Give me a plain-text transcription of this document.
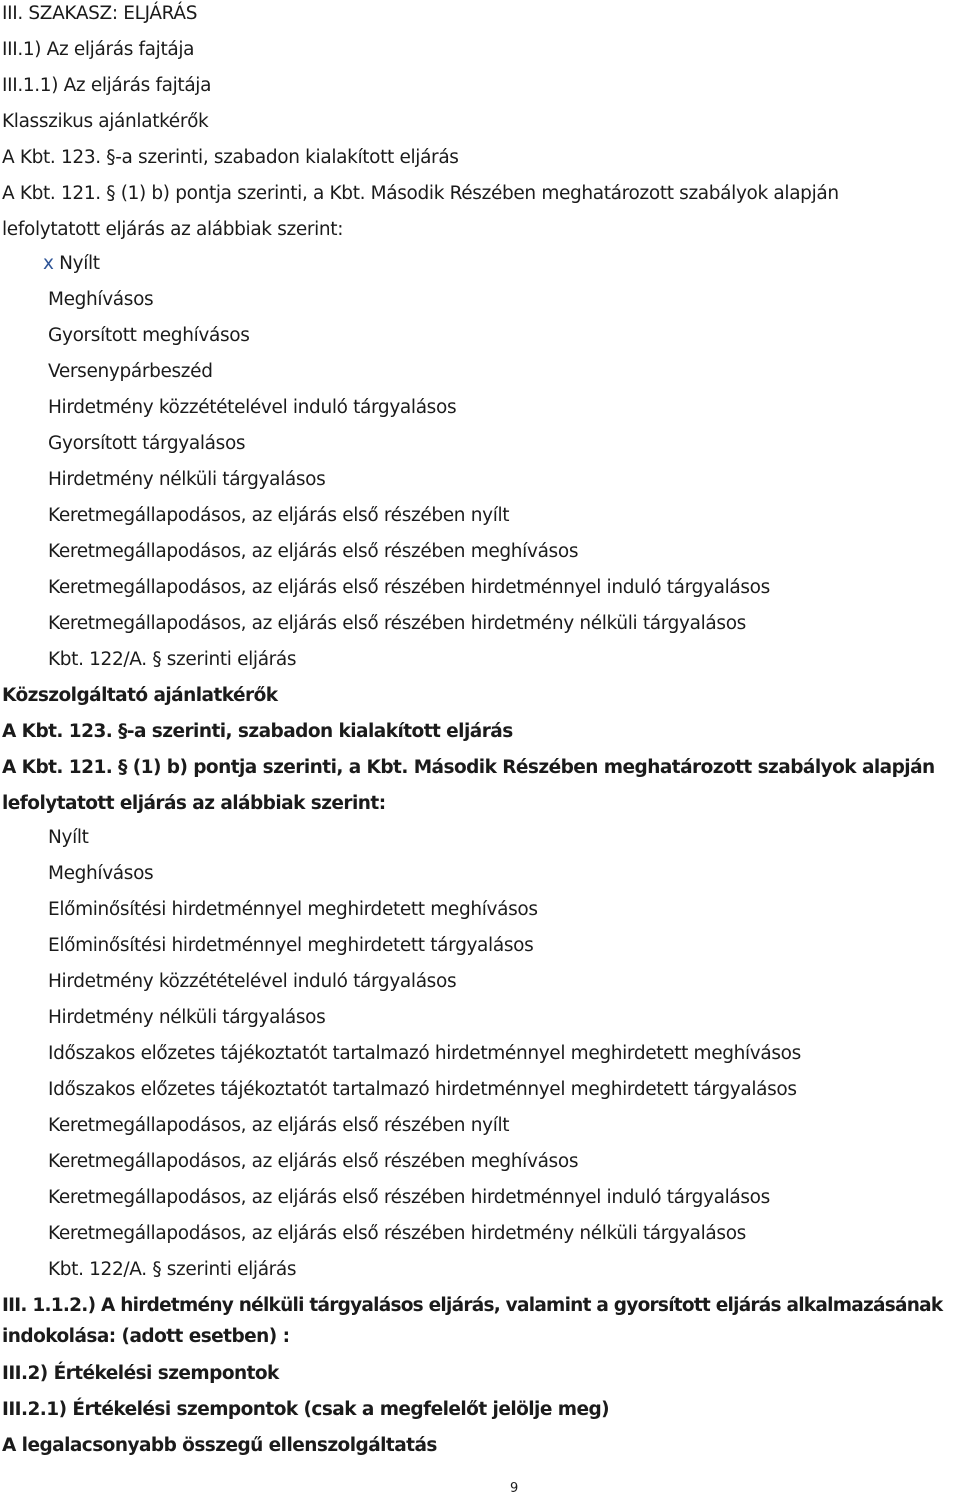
III. SZAKASZ: ELJÁRÁS
III.1) Az eljárás fajtája
III.1.1) Az eljárás fajtája
Klasszikus ajánlatkérők
A Kbt. 123. §-a szerinti, szabadon kialakított eljárás
A Kbt. 121. § (1) b) pontja szerinti, a Kbt. Második Részében meghatározott szabályok alapján
lefolytatott eljárás az alábbiak szerint:
x Nyílt
Meghívásos
Gyorsított meghívásos
Versenypárbeszéd
Hirdetmény közzétételével induló tárgyalásos
Gyorsított tárgyalásos
Hirdetmény nélküli tárgyalásos
Keretmegállapodásos, az eljárás első részében nyílt
Keretmegállapodásos, az eljárás első részében meghívásos
Keretmegállapodásos, az eljárás első részében hirdetménnyel induló tárgyalásos
Keretmegállapodásos, az eljárás első részében hirdetmény nélküli tárgyalásos
Kbt. 122/A. § szerinti eljárás
Közszolgáltató ajánlatkérők
A Kbt. 123. §-a szerinti, szabadon kialakított eljárás
A Kbt. 121. § (1) b) pontja szerinti, a Kbt. Második Részében meghatározott szabályok alapján
lefolytatott eljárás az alábbiak szerint:
Nyílt
Meghívásos
Előminősítési hirdetménnyel meghirdetett meghívásos
Előminősítési hirdetménnyel meghirdetett tárgyalásos
Hirdetmény közzétételével induló tárgyalásos
Hirdetmény nélküli tárgyalásos
Időszakos előzetes tájékoztatót tartalmazó hirdetménnyel meghirdetett meghívásos
Időszakos előzetes tájékoztatót tartalmazó hirdetménnyel meghirdetett tárgyalásos
Keretmegállapodásos, az eljárás első részében nyílt
Keretmegállapodásos, az eljárás első részében meghívásos
Keretmegállapodásos, az eljárás első részében hirdetménnyel induló tárgyalásos
Keretmegállapodásos, az eljárás első részében hirdetmény nélküli tárgyalásos
Kbt. 122/A. § szerinti eljárás
III. 1.1.2.) A hirdetmény nélküli tárgyalásos eljárás, valamint a gyorsított eljárás alkalmazásának
indokolása: (adott esetben) :
III.2) Értékelési szempontok
III.2.1) Értékelési szempontok (csak a megfelelőt jelölje meg)
A legalacsonyabb összegű ellenszolgáltatás
9
